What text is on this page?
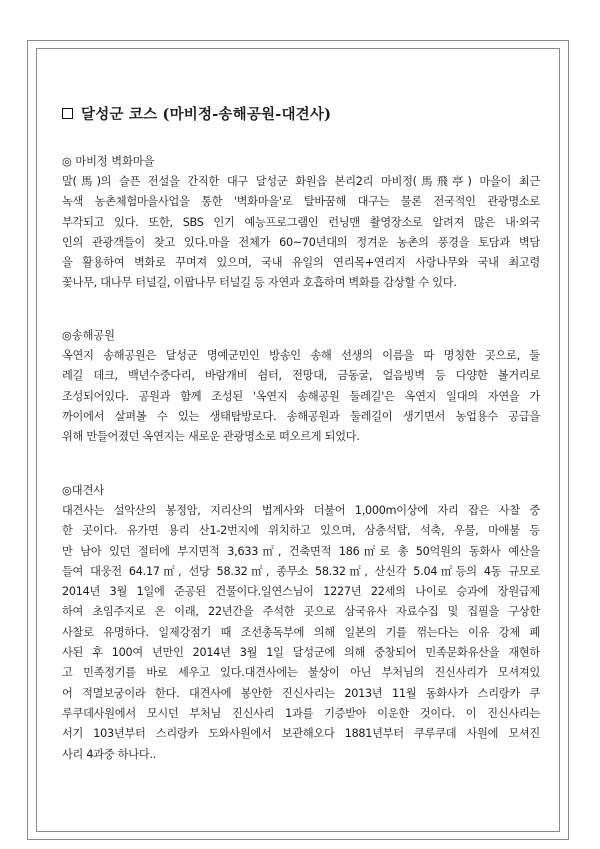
달성군 코스 (마비정-송해공원-대견사)
◎ 마비정 벽화마을
말(馬)의 슬픈 전설을 간직한 대구 달성군 화원읍 본리2리 마비정(馬飛亭) 마을이 최근
녹색 농촌체험마을사업을 통한 '벽화마을'로 탈바꿈해 대구는 물론 전국적인 관광명소로
부각되고 있다. 또한, SBS 인기 예능프로그램인 런닝맨 촬영장소로 알려져 많은 내·외국
인의 관광객들이 찾고 있다.마을 전체가 60~70년대의 정겨운 농촌의 풍경을 토담과 벽담
을 활용하여 벽화로 꾸며져 있으며, 국내 유일의 연리목+연리지 사랑나무와 국내 최고령
꽃나무, 대나무 터널길, 이팝나무 터널길 등 자연과 호흡하며 벽화를 감상할 수 있다.
◎송해공원
옥연지 송해공원은 달성군 명예군민인 방송인 송해 선생의 이름을 따 명칭한 곳으로, 둘
레길 데크, 백년수중다리, 바람개비 쉼터, 전망대, 금동굴, 얼음빙벽 등 다양한 볼거리로
조성되어있다. 공원과 함께 조성된 '옥연지 송해공원 둘레길'은 옥연지 일대의 자연을 가
까이에서 살펴볼 수 있는 생태탐방로다. 송해공원과 둘레길이 생기면서 농업용수 공급을
위해 만들어졌던 옥연지는 새로운 관광명소로 떠오르게 되었다.
◎대견사
대견사는 설악산의 봉정암, 지리산의 법계사와 더불어 1,000m이상에 자리 잡은 사찰 중
한 곳이다. 유가면 용리 산1-2번지에 위치하고 있으며, 삼층석탑, 석축, 우물, 마애불 등
만 남아 있던 절터에 부지면적 3,633㎡, 건축면적 186㎡로 총 50억원의 동화사 예산을
들여 대웅전 64.17㎡, 선당 58.32㎡, 종무소 58.32㎡, 산신각 5.04㎡등의 4동 규모로
2014년 3월 1일에 준공된 건물이다.일연스님이 1227년 22세의 나이로 승과에 장원급제
하여 초임주지로 온 이래, 22년간을 주석한 곳으로 삼국유사 자료수집 및 집필을 구상한
사찰로 유명하다. 일제강점기 때 조선총독부에 의해 일본의 기를 꺾는다는 이유 강제 폐
사된 후 100여 년만인 2014년 3월 1일 달성군에 의해 중창되어 민족문화유산을 재현하
고 민족정기를 바로 세우고 있다.대견사에는 불상이 아닌 부처님의 진신사리가 모셔져있
어 적멸보궁이라 한다. 대견사에 봉안한 진신사리는 2013년 11월 동화사가 스리랑카 쿠
루쿠데사원에서 모시던 부처님 진신사리 1과를 기증받아 이운한 것이다. 이 진신사리는
서기 103년부터 스리랑카 도와사원에서 보관해오다 1881년부터 쿠루쿠데 사원에 모셔진
사리 4과중 하나다..
